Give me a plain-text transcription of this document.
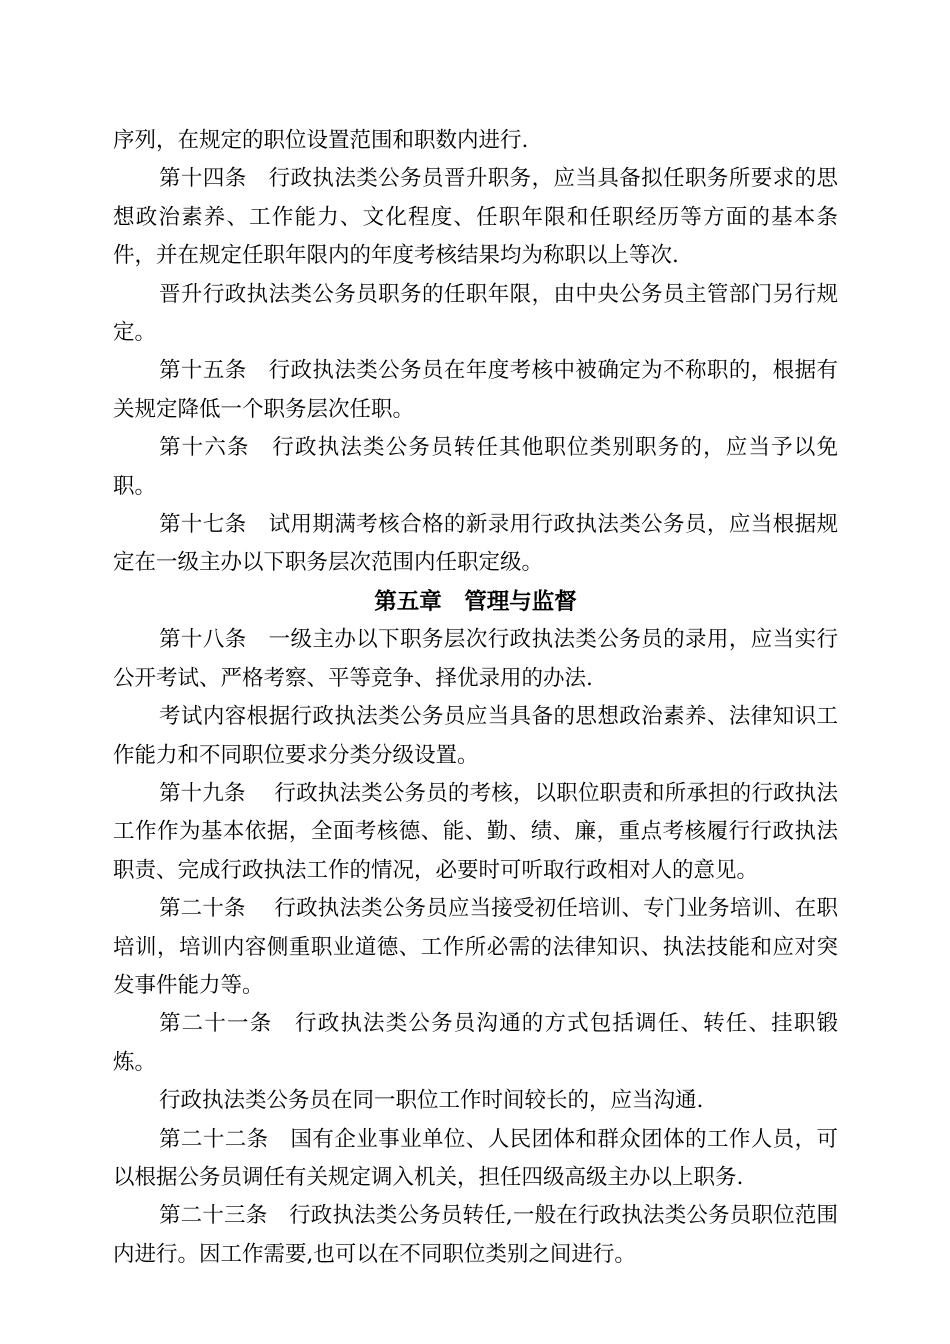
序列，在规定的职位设置范围和职数内进行.

第十四条　行政执法类公务员晋升职务，应当具备拟任职务所要求的思想政治素养、工作能力、文化程度、任职年限和任职经历等方面的基本条件，并在规定任职年限内的年度考核结果均为称职以上等次.

晋升行政执法类公务员职务的任职年限，由中央公务员主管部门另行规定。

第十五条　行政执法类公务员在年度考核中被确定为不称职的，根据有关规定降低一个职务层次任职。

第十六条　行政执法类公务员转任其他职位类别职务的，应当予以免职。

第十七条　试用期满考核合格的新录用行政执法类公务员，应当根据规定在一级主办以下职务层次范围内任职定级。

第五章　管理与监督

第十八条　一级主办以下职务层次行政执法类公务员的录用，应当实行公开考试、严格考察、平等竞争、择优录用的办法.

考试内容根据行政执法类公务员应当具备的思想政治素养、法律知识工作能力和不同职位要求分类分级设置。

第十九条　 行政执法类公务员的考核，以职位职责和所承担的行政执法工作作为基本依据，全面考核德、能、勤、绩、廉，重点考核履行行政执法职责、完成行政执法工作的情况，必要时可听取行政相对人的意见。

第二十条　 行政执法类公务员应当接受初任培训、专门业务培训、在职培训，培训内容侧重职业道德、工作所必需的法律知识、执法技能和应对突发事件能力等。

第二十一条　行政执法类公务员沟通的方式包括调任、转任、挂职锻炼。

行政执法类公务员在同一职位工作时间较长的，应当沟通.

第二十二条　国有企业事业单位、人民团体和群众团体的工作人员，可以根据公务员调任有关规定调入机关，担任四级高级主办以上职务.

第二十三条　行政执法类公务员转任,一般在行政执法类公务员职位范围内进行。因工作需要,也可以在不同职位类别之间进行。
